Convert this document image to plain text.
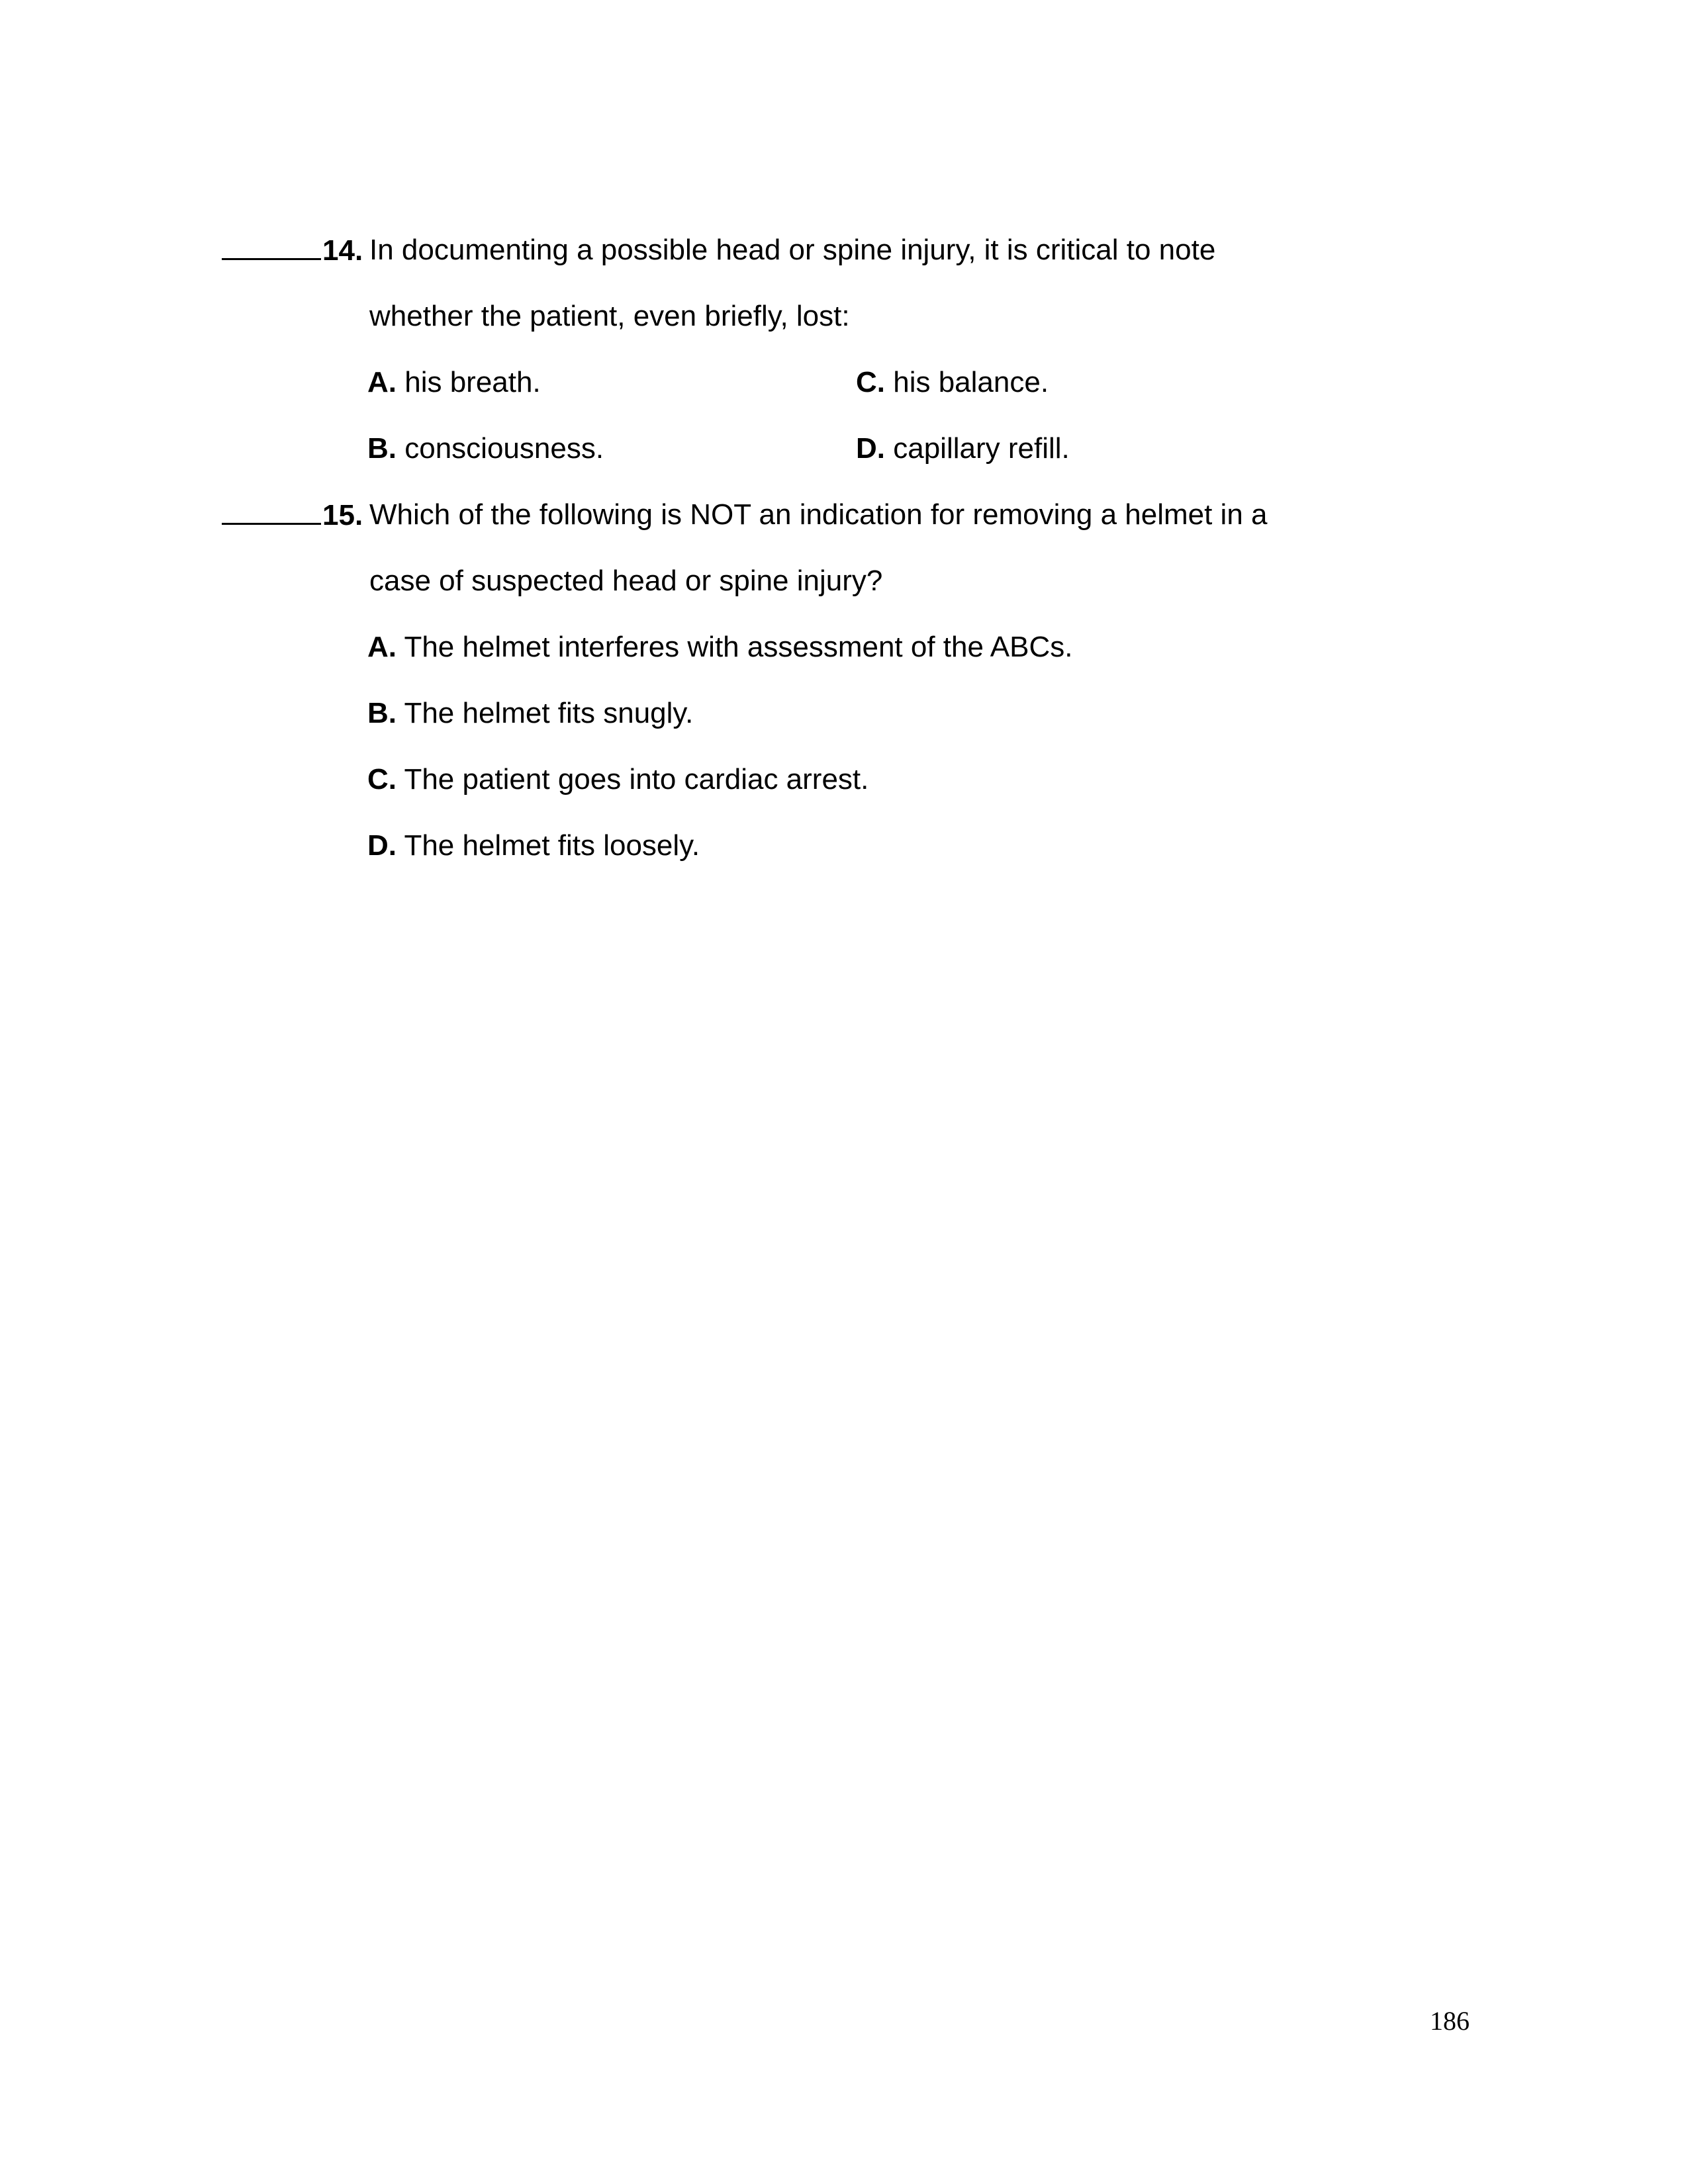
14. In documenting a possible head or spine injury, it is critical to note
whether the patient, even briefly, lost:
A. his breath.	C. his balance.
B. consciousness.	D. capillary refill.
15. Which of the following is NOT an indication for removing a helmet in a
case of suspected head or spine injury?
A. The helmet interferes with assessment of the ABCs.
B. The helmet fits snugly.
C. The patient goes into cardiac arrest.
D. The helmet fits loosely.
186
